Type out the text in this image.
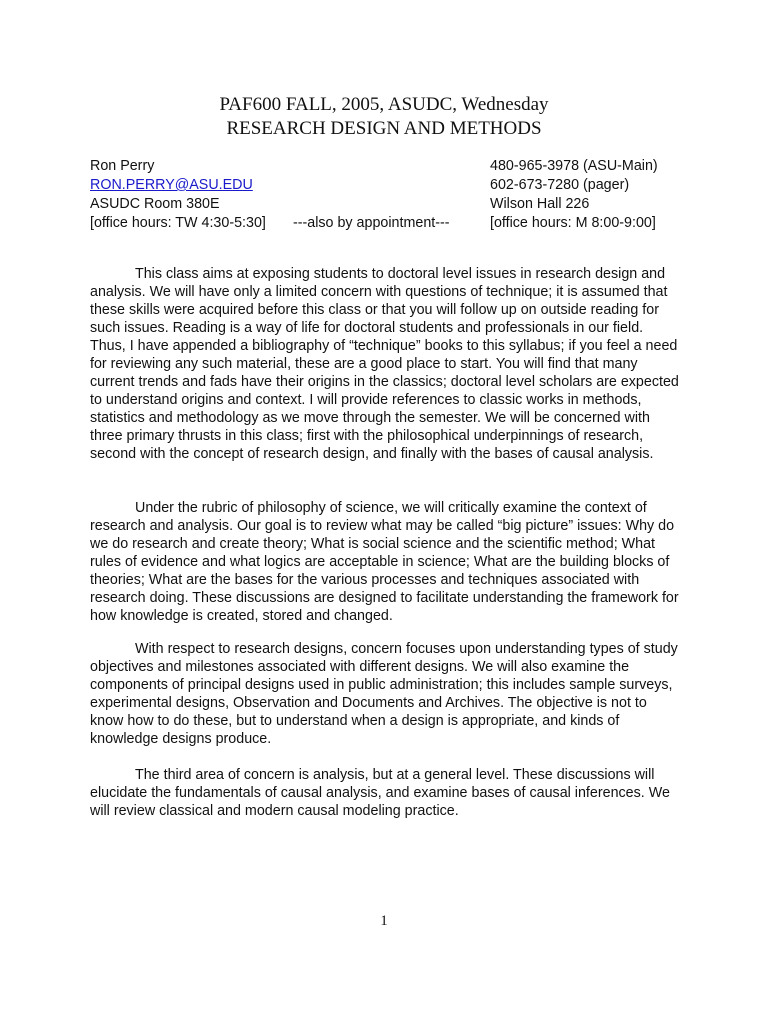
PAF600 FALL, 2005, ASUDC, Wednesday
RESEARCH DESIGN AND METHODS
Ron Perry
RON.PERRY@ASU.EDU
ASUDC Room 380E
[office hours: TW 4:30-5:30] ---also by appointment---
480-965-3978 (ASU-Main)
602-673-7280 (pager)
Wilson Hall 226
[office hours: M 8:00-9:00]

This class aims at exposing students to doctoral level issues in research design and analysis. We will have only a limited concern with questions of technique; it is assumed that these skills were acquired before this class or that you will follow up on outside reading for such issues. Reading is a way of life for doctoral students and professionals in our field. Thus, I have appended a bibliography of “technique” books to this syllabus; if you feel a need for reviewing any such material, these are a good place to start. You will find that many current trends and fads have their origins in the classics; doctoral level scholars are expected to understand origins and context. I will provide references to classic works in methods, statistics and methodology as we move through the semester. We will be concerned with three primary thrusts in this class; first with the philosophical underpinnings of research, second with the concept of research design, and finally with the bases of causal analysis.

Under the rubric of philosophy of science, we will critically examine the context of research and analysis. Our goal is to review what may be called “big picture” issues: Why do we do research and create theory; What is social science and the scientific method; What rules of evidence and what logics are acceptable in science; What are the building blocks of theories; What are the bases for the various processes and techniques associated with research doing. These discussions are designed to facilitate understanding the framework for how knowledge is created, stored and changed.

With respect to research designs, concern focuses upon understanding types of study objectives and milestones associated with different designs. We will also examine the components of principal designs used in public administration; this includes sample surveys, experimental designs, Observation and Documents and Archives. The objective is not to know how to do these, but to understand when a design is appropriate, and kinds of knowledge designs produce.

The third area of concern is analysis, but at a general level. These discussions will elucidate the fundamentals of causal analysis, and examine bases of causal inferences. We will review classical and modern causal modeling practice.

1
